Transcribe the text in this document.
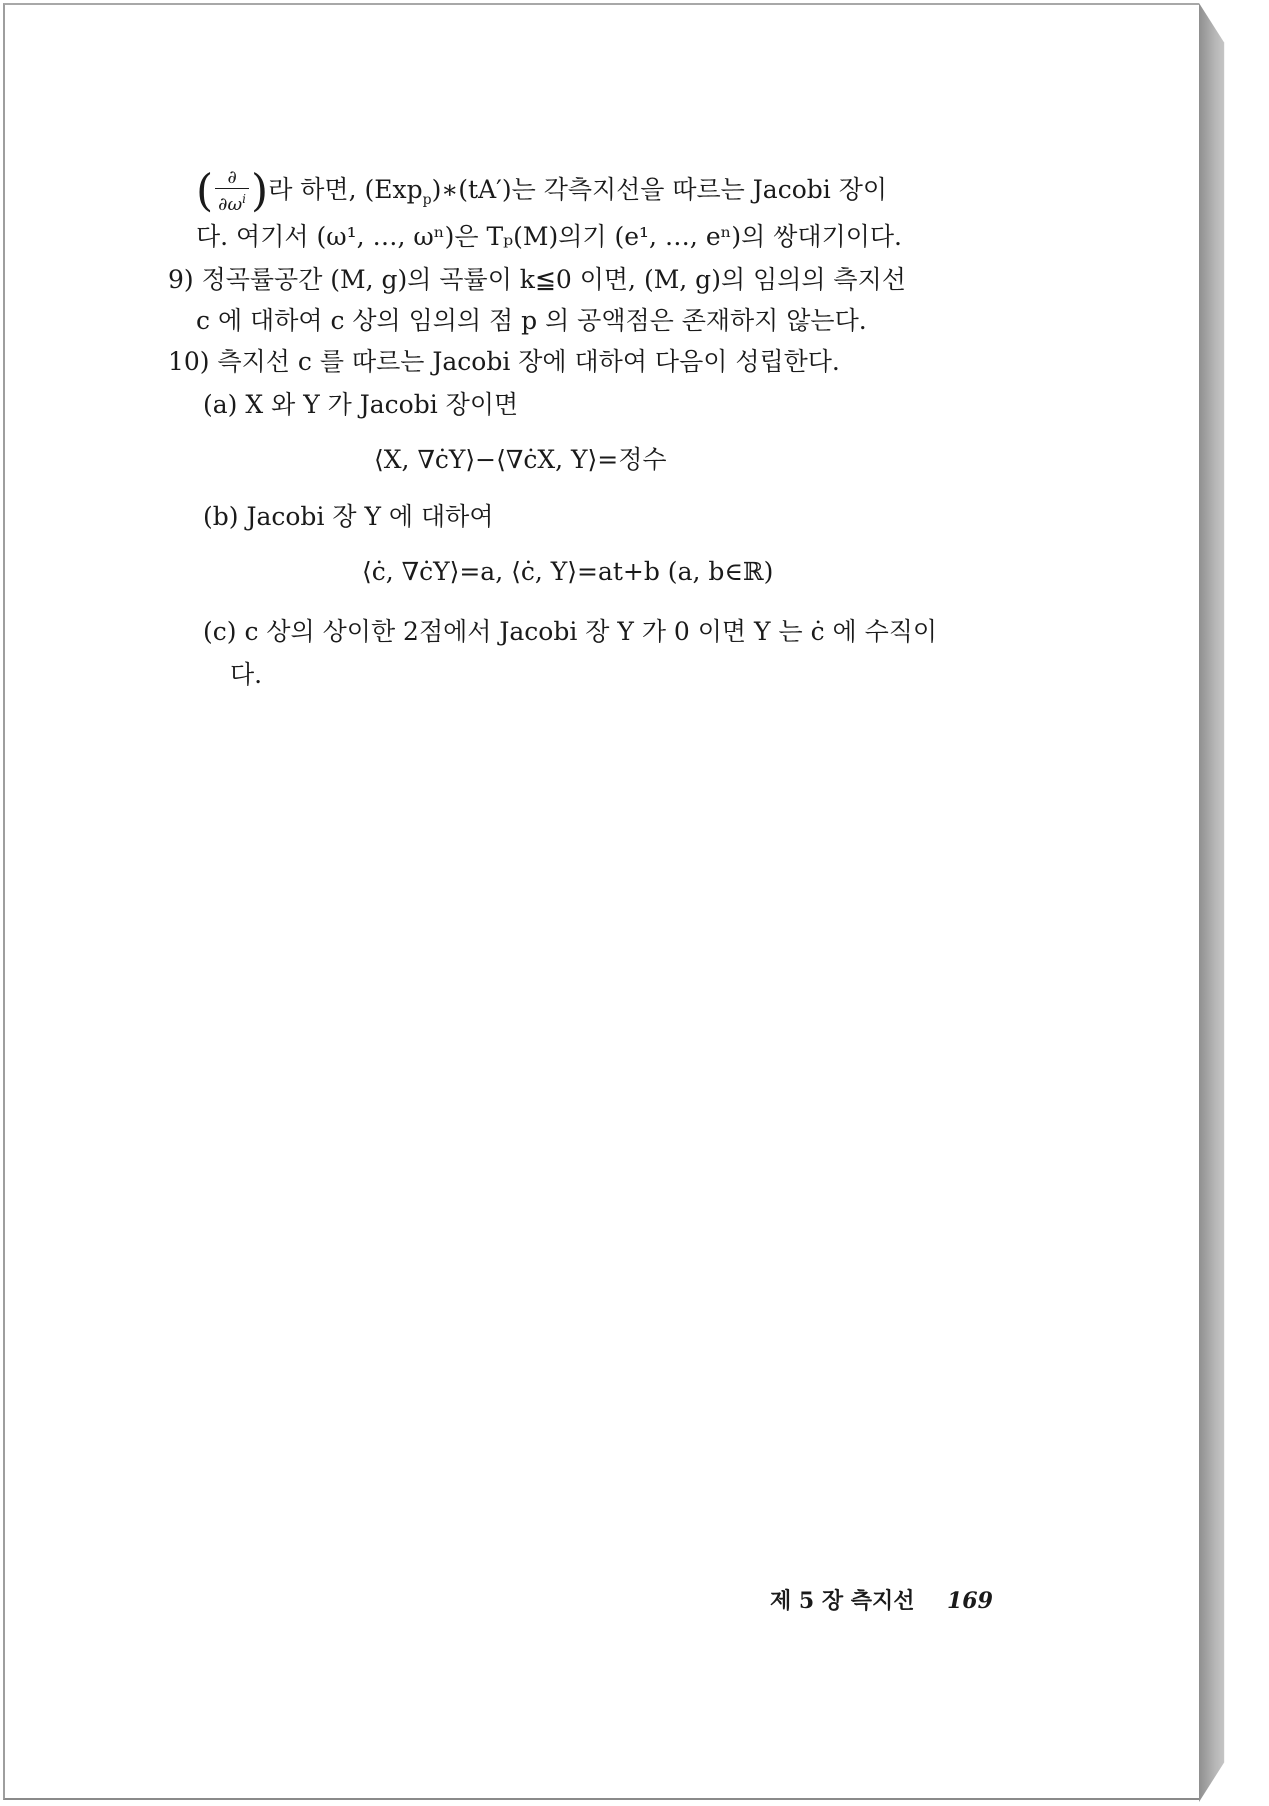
( $\frac{\partial}{\partial\omega^i}$ )라 하면, (Exp$_p$)∗(tA′)는 각측지선을 따르는 Jacobi 장이
다. 여기서 (ω¹, …, ωⁿ)은 Tₚ(M)의기 (e¹, …, eⁿ)의 쌍대기이다.
9) 정곡률공간 (M, g)의 곡률이 k≦0 이면, (M, g)의 임의의 측지선
c 에 대하여 c 상의 임의의 점 p 의 공액점은 존재하지 않는다.
10) 측지선 c 를 따르는 Jacobi 장에 대하여 다음이 성립한다.
(a) X 와 Y 가 Jacobi 장이면
⟨X, ∇ċY⟩−⟨∇ċX, Y⟩=정수
(b) Jacobi 장 Y 에 대하여
⟨ċ, ∇ċY⟩=a, ⟨ċ, Y⟩=at+b (a, b∈ℝ)
(c) c 상의 상이한 2점에서 Jacobi 장 Y 가 0 이면 Y 는 ċ 에 수직이
다.
제 5 장 측지선 169
